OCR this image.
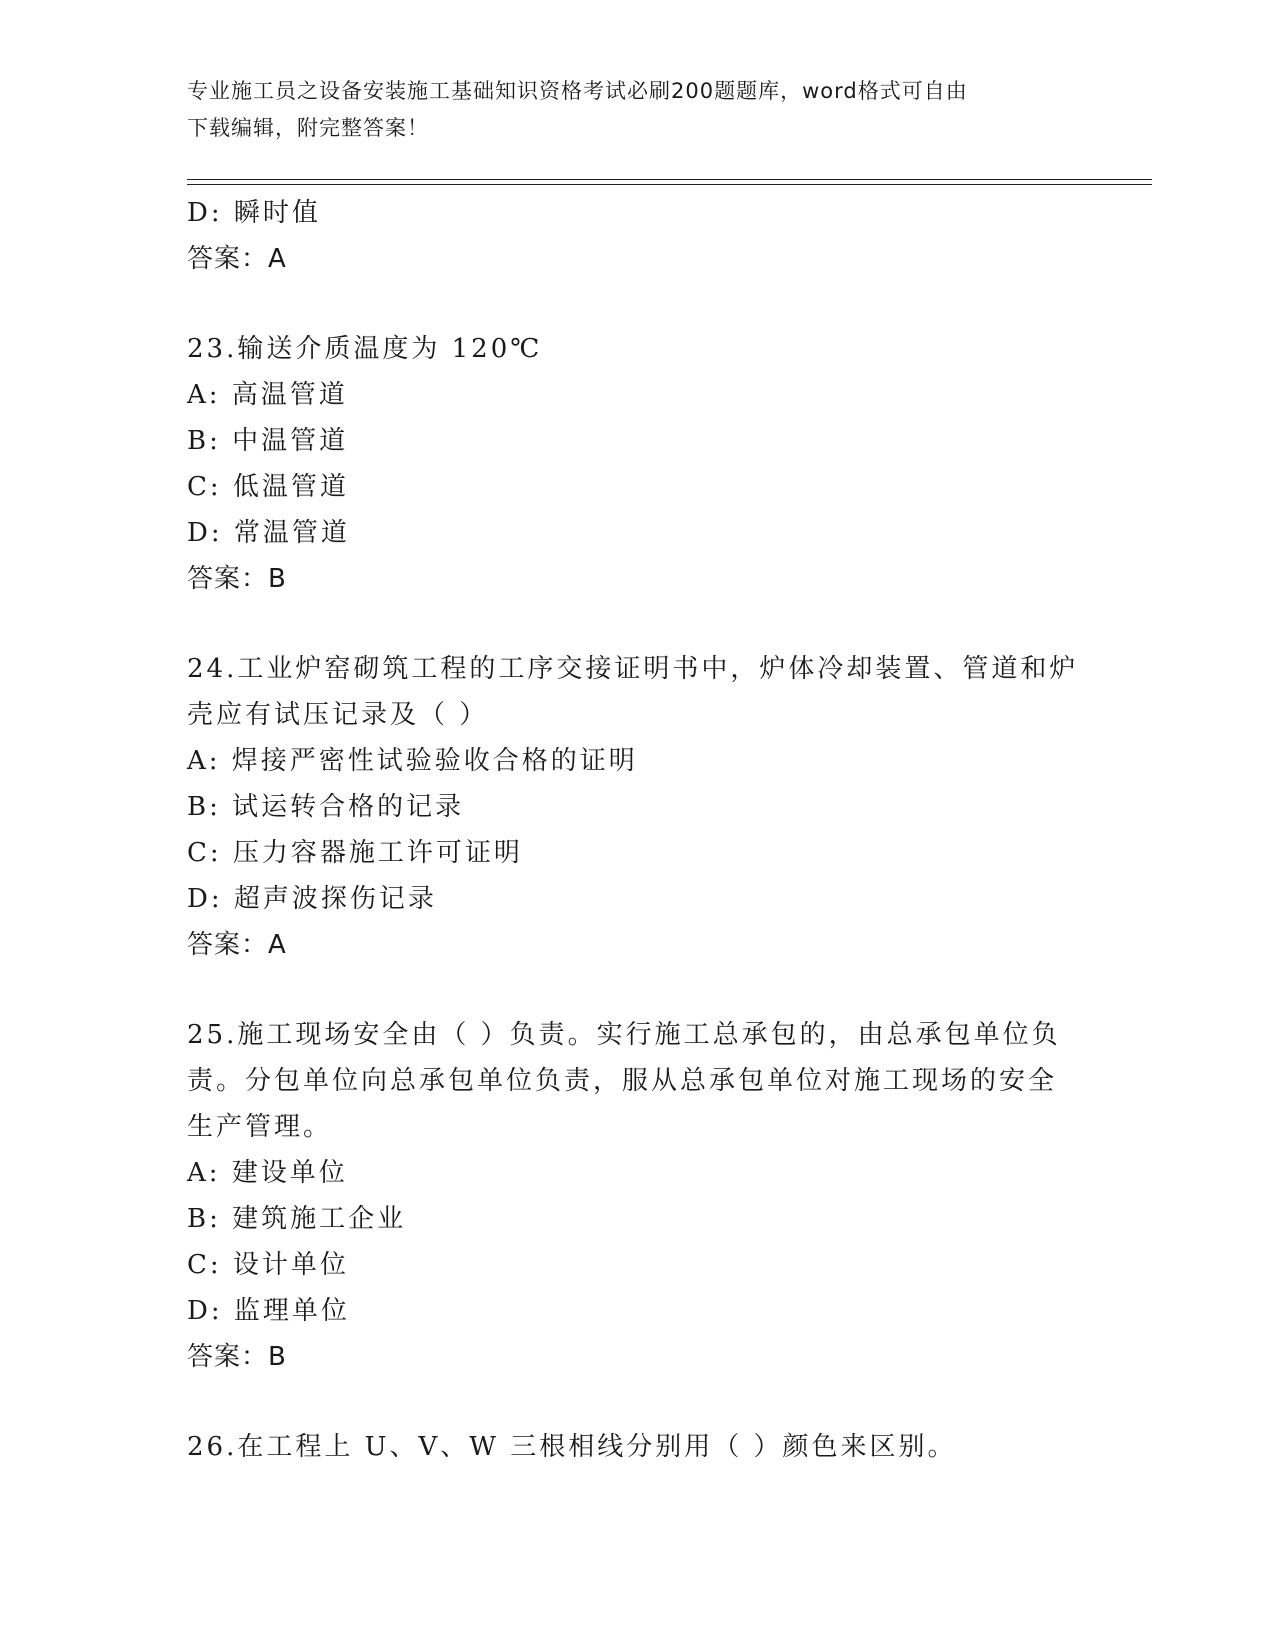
专业施工员之设备安装施工基础知识资格考试必刷200题题库，word格式可自由
下载编辑，附完整答案！
D: 瞬时值
答案：A
23.输送介质温度为 120℃
A: 高温管道
B: 中温管道
C: 低温管道
D: 常温管道
答案：B
24.工业炉窑砌筑工程的工序交接证明书中，炉体冷却装置、管道和炉
壳应有试压记录及（ ）
A: 焊接严密性试验验收合格的证明
B: 试运转合格的记录
C: 压力容器施工许可证明
D: 超声波探伤记录
答案：A
25.施工现场安全由（ ）负责。实行施工总承包的，由总承包单位负
责。分包单位向总承包单位负责，服从总承包单位对施工现场的安全
生产管理。
A: 建设单位
B: 建筑施工企业
C: 设计单位
D: 监理单位
答案：B
26.在工程上 U、V、W 三根相线分别用（ ）颜色来区别。
